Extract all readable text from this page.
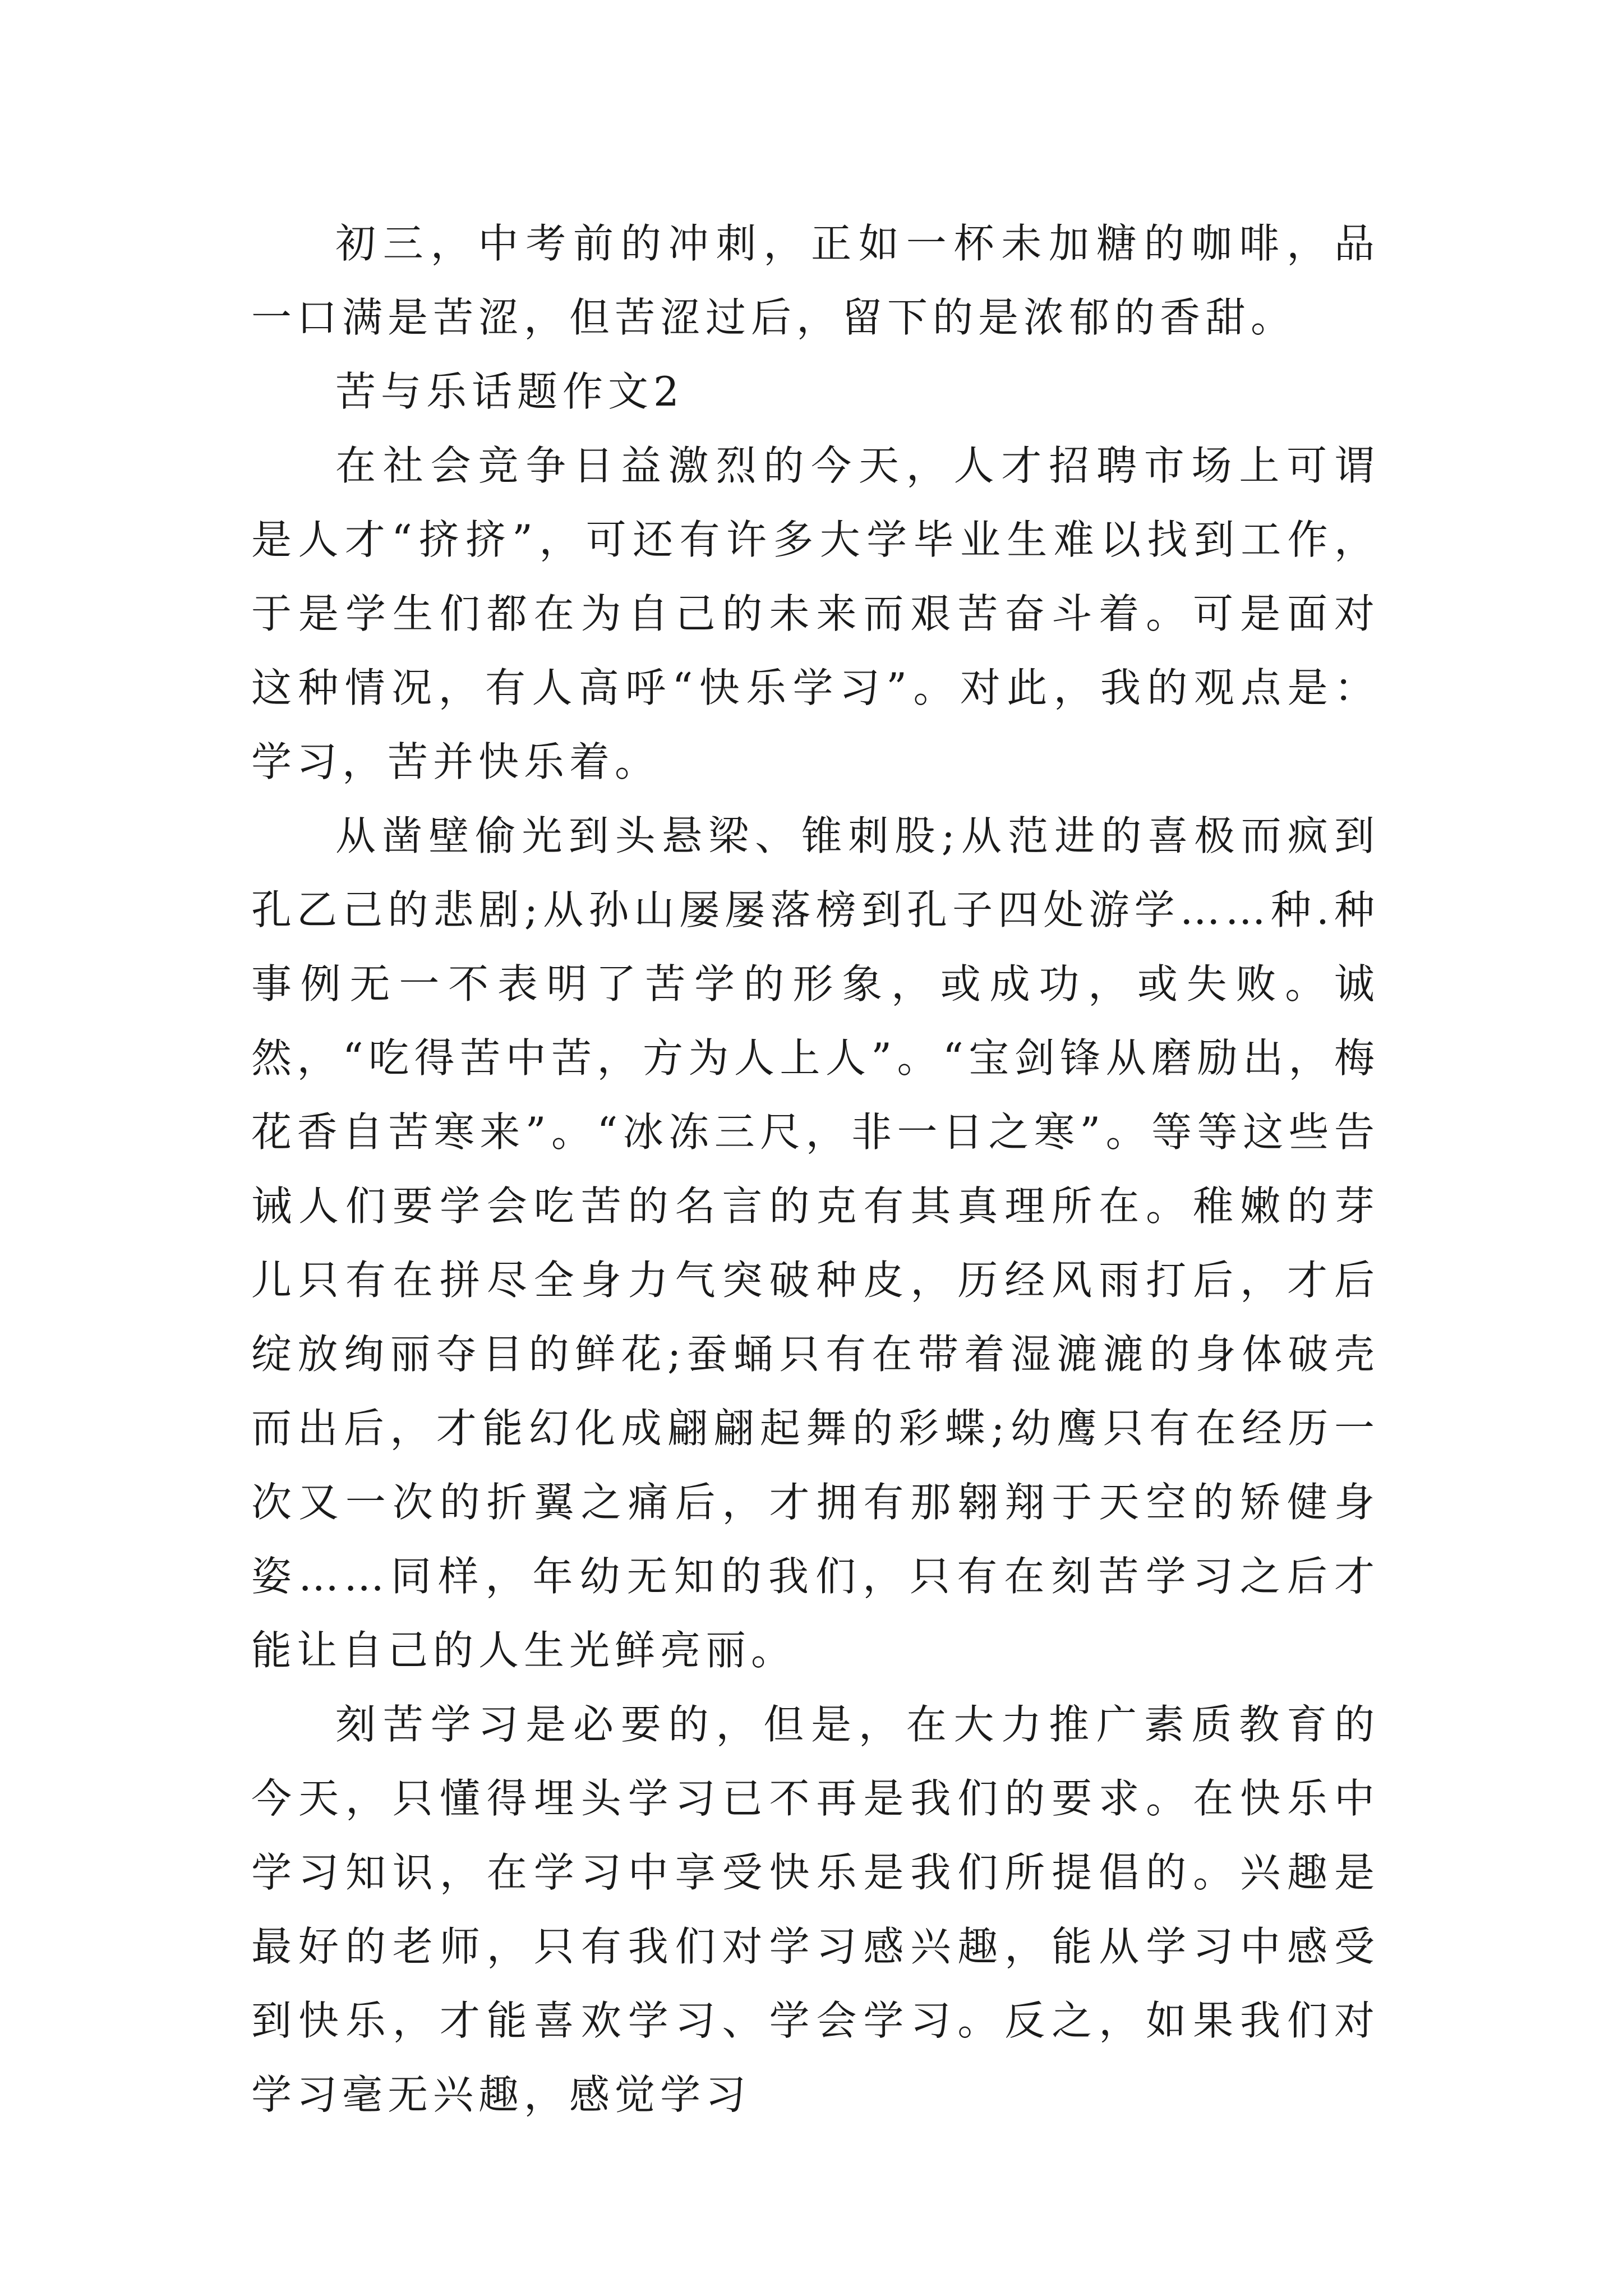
初三，中考前的冲刺，正如一杯未加糖的咖啡，品一口满是苦涩，但苦涩过后，留下的是浓郁的香甜。

苦与乐话题作文2

在社会竞争日益激烈的今天，人才招聘市场上可谓是人才“挤挤”，可还有许多大学毕业生难以找到工作，于是学生们都在为自己的未来而艰苦奋斗着。可是面对这种情况，有人高呼“快乐学习”。对此，我的观点是：学习，苦并快乐着。

从凿壁偷光到头悬梁、锥刺股;从范进的喜极而疯到孔乙己的悲剧;从孙山屡屡落榜到孔子四处游学……种.种事例无一不表明了苦学的形象，或成功，或失败。诚然，“吃得苦中苦，方为人上人”。“宝剑锋从磨励出，梅花香自苦寒来”。“冰冻三尺，非一日之寒”。等等这些告诫人们要学会吃苦的名言的克有其真理所在。稚嫩的芽儿只有在拼尽全身力气突破种皮，历经风雨打后，才后绽放绚丽夺目的鲜花;蚕蛹只有在带着湿漉漉的身体破壳而出后，才能幻化成翩翩起舞的彩蝶;幼鹰只有在经历一次又一次的折翼之痛后，才拥有那翱翔于天空的矫健身姿……同样，年幼无知的我们，只有在刻苦学习之后才能让自己的人生光鲜亮丽。

刻苦学习是必要的，但是，在大力推广素质教育的今天，只懂得埋头学习已不再是我们的要求。在快乐中学习知识，在学习中享受快乐是我们所提倡的。兴趣是最好的老师，只有我们对学习感兴趣，能从学习中感受到快乐，才能喜欢学习、学会学习。反之，如果我们对学习毫无兴趣，感觉学习
